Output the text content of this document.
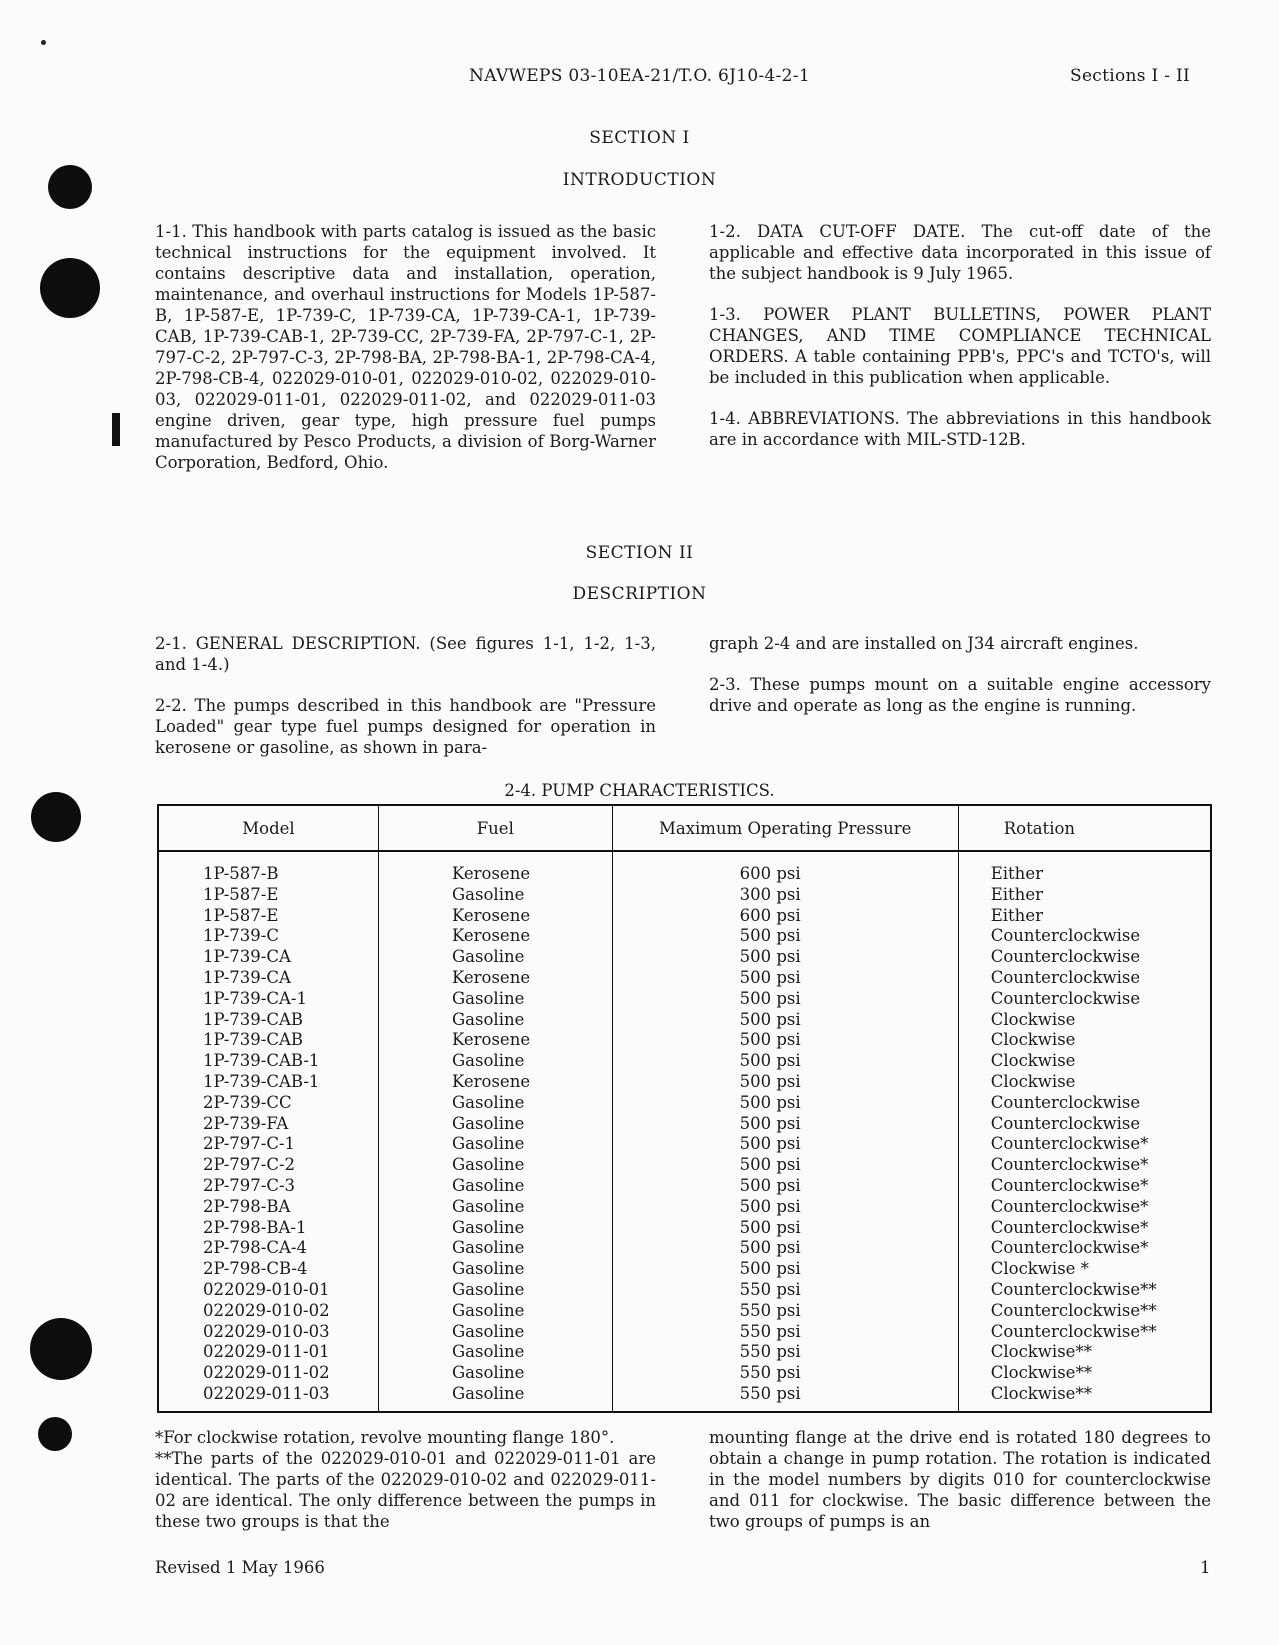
NAVWEPS 03-10EA-21/T.O. 6J10-4-2-1	Sections I - II
SECTION I
INTRODUCTION

1-1. This handbook with parts catalog is issued as the basic technical instructions for the equipment involved. It contains descriptive data and installation, operation, maintenance, and overhaul instructions for Models 1P-587-B, 1P-587-E, 1P-739-C, 1P-739-CA, 1P-739-CA-1, 1P-739-CAB, 1P-739-CAB-1, 2P-739-CC, 2P-739-FA, 2P-797-C-1, 2P-797-C-2, 2P-797-C-3, 2P-798-BA, 2P-798-BA-1, 2P-798-CA-4, 2P-798-CB-4, 022029-010-01, 022029-010-02, 022029-010-03, 022029-011-01, 022029-011-02, and 022029-011-03 engine driven, gear type, high pressure fuel pumps manufactured by Pesco Products, a division of Borg-Warner Corporation, Bedford, Ohio.

1-2. DATA CUT-OFF DATE. The cut-off date of the applicable and effective data incorporated in this issue of the subject handbook is 9 July 1965.

1-3. POWER PLANT BULLETINS, POWER PLANT CHANGES, AND TIME COMPLIANCE TECHNICAL ORDERS. A table containing PPB's, PPC's and TCTO's, will be included in this publication when applicable.

1-4. ABBREVIATIONS. The abbreviations in this handbook are in accordance with MIL-STD-12B.

SECTION II
DESCRIPTION

2-1. GENERAL DESCRIPTION. (See figures 1-1, 1-2, 1-3, and 1-4.)

2-2. The pumps described in this handbook are "Pressure Loaded" gear type fuel pumps designed for operation in kerosene or gasoline, as shown in para-

graph 2-4 and are installed on J34 aircraft engines.

2-3. These pumps mount on a suitable engine accessory drive and operate as long as the engine is running.

2-4. PUMP CHARACTERISTICS.
Model	Fuel	Maximum Operating Pressure	Rotation
1P-587-B	Kerosene	600 psi	Either
1P-587-E	Gasoline	300 psi	Either
1P-587-E	Kerosene	600 psi	Either
1P-739-C	Kerosene	500 psi	Counterclockwise
1P-739-CA	Gasoline	500 psi	Counterclockwise
1P-739-CA	Kerosene	500 psi	Counterclockwise
1P-739-CA-1	Gasoline	500 psi	Counterclockwise
1P-739-CAB	Gasoline	500 psi	Clockwise
1P-739-CAB	Kerosene	500 psi	Clockwise
1P-739-CAB-1	Gasoline	500 psi	Clockwise
1P-739-CAB-1	Kerosene	500 psi	Clockwise
2P-739-CC	Gasoline	500 psi	Counterclockwise
2P-739-FA	Gasoline	500 psi	Counterclockwise
2P-797-C-1	Gasoline	500 psi	Counterclockwise*
2P-797-C-2	Gasoline	500 psi	Counterclockwise*
2P-797-C-3	Gasoline	500 psi	Counterclockwise*
2P-798-BA	Gasoline	500 psi	Counterclockwise*
2P-798-BA-1	Gasoline	500 psi	Counterclockwise*
2P-798-CA-4	Gasoline	500 psi	Counterclockwise*
2P-798-CB-4	Gasoline	500 psi	Clockwise *
022029-010-01	Gasoline	550 psi	Counterclockwise**
022029-010-02	Gasoline	550 psi	Counterclockwise**
022029-010-03	Gasoline	550 psi	Counterclockwise**
022029-011-01	Gasoline	550 psi	Clockwise**
022029-011-02	Gasoline	550 psi	Clockwise**
022029-011-03	Gasoline	550 psi	Clockwise**

*For clockwise rotation, revolve mounting flange 180°.

**The parts of the 022029-010-01 and 022029-011-01 are identical. The parts of the 022029-010-02 and 022029-011-02 are identical. The only difference between the pumps in these two groups is that the

mounting flange at the drive end is rotated 180 degrees to obtain a change in pump rotation. The rotation is indicated in the model numbers by digits 010 for counterclockwise and 011 for clockwise. The basic difference between the two groups of pumps is an

Revised 1 May 1966	1
